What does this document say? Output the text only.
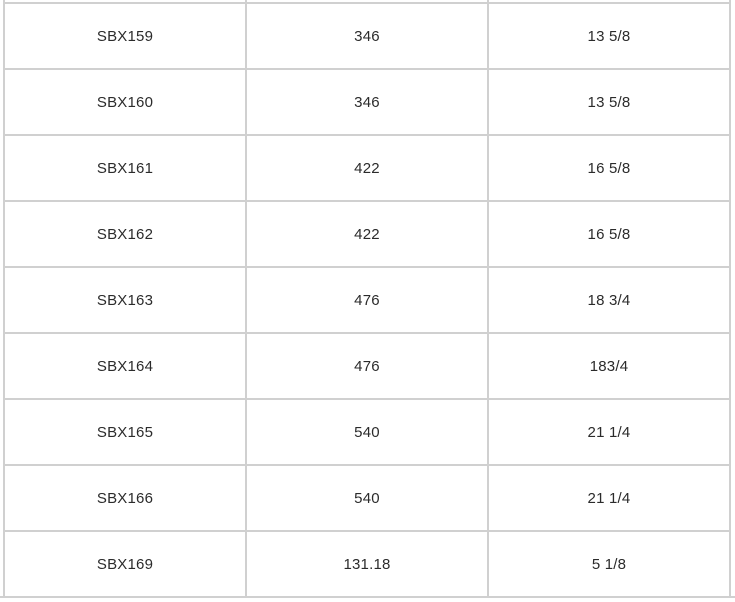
SBX159	346	13 5/8
SBX160	346	13 5/8
SBX161	422	16 5/8
SBX162	422	16 5/8
SBX163	476	18 3/4
SBX164	476	183/4
SBX165	540	21 1/4
SBX166	540	21 1/4
SBX169	131.18	5 1/8
